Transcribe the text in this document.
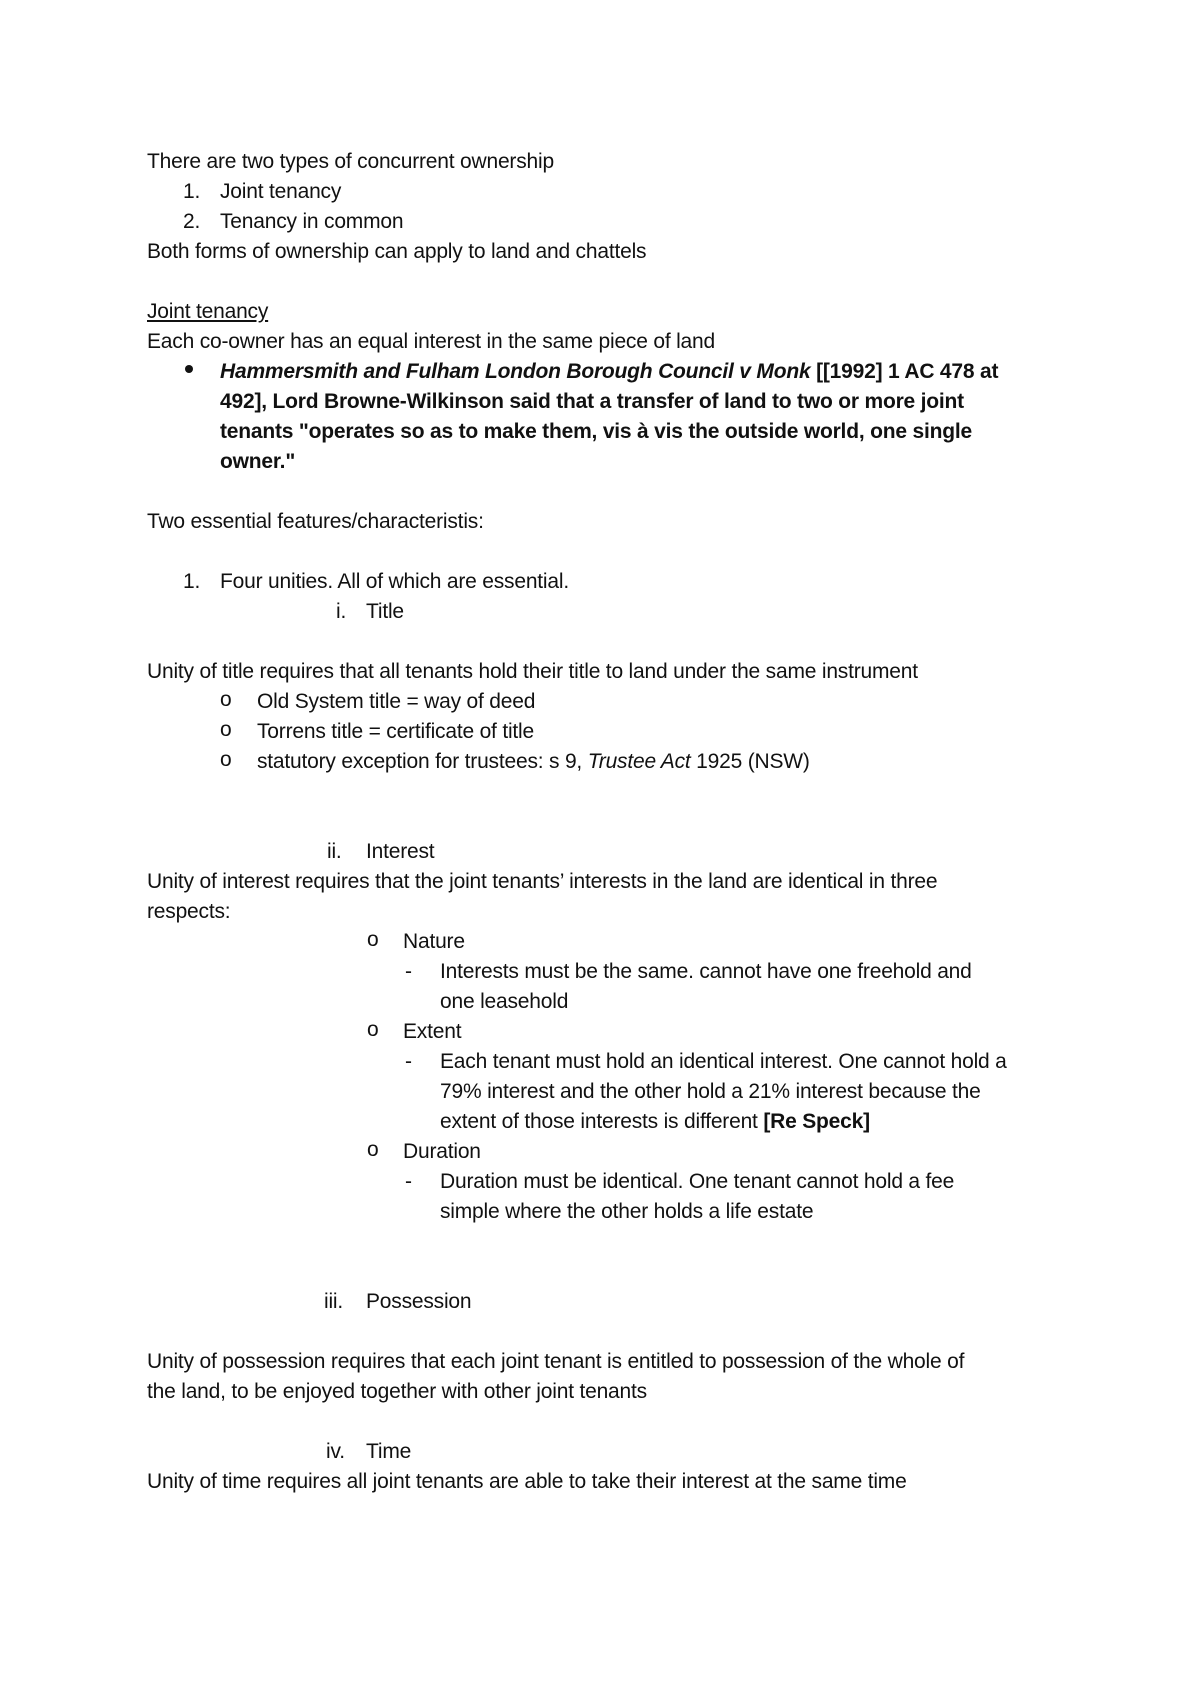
There are two types of concurrent ownership
1. Joint tenancy
2. Tenancy in common
Both forms of ownership can apply to land and chattels
Joint tenancy
Each co-owner has an equal interest in the same piece of land
Hammersmith and Fulham London Borough Council v Monk [[1992] 1 AC 478 at
492], Lord Browne-Wilkinson said that a transfer of land to two or more joint
tenants "operates so as to make them, vis à vis the outside world, one single
owner."
Two essential features/characteristis:
1. Four unities. All of which are essential.
i. Title
Unity of title requires that all tenants hold their title to land under the same instrument
o Old System title = way of deed
o Torrens title = certificate of title
o statutory exception for trustees: s 9, Trustee Act 1925 (NSW)
ii. Interest
Unity of interest requires that the joint tenants’ interests in the land are identical in three
respects:
o Nature
- Interests must be the same. cannot have one freehold and
one leasehold
o Extent
- Each tenant must hold an identical interest. One cannot hold a
79% interest and the other hold a 21% interest because the
extent of those interests is different [Re Speck]
o Duration
- Duration must be identical. One tenant cannot hold a fee
simple where the other holds a life estate
iii. Possession
Unity of possession requires that each joint tenant is entitled to possession of the whole of
the land, to be enjoyed together with other joint tenants
iv. Time
Unity of time requires all joint tenants are able to take their interest at the same time
